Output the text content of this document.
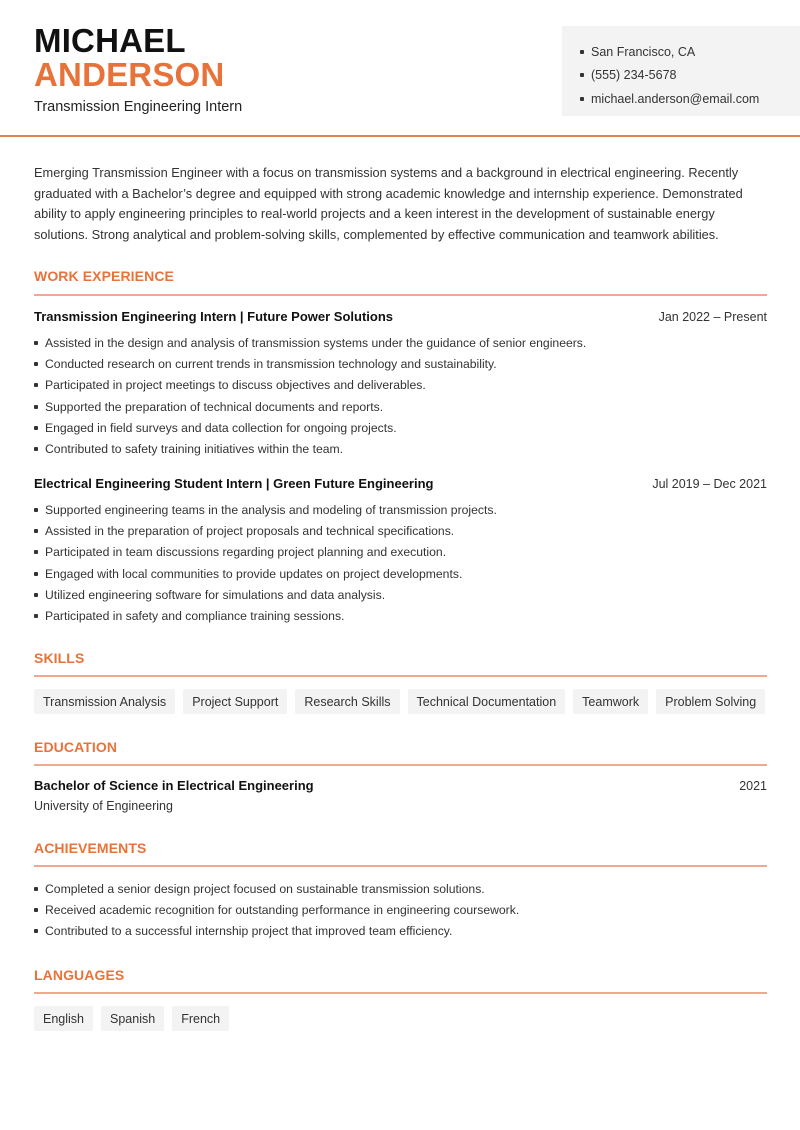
MICHAEL
ANDERSON
Transmission Engineering Intern
San Francisco, CA
(555) 234-5678
michael.anderson@email.com

Emerging Transmission Engineer with a focus on transmission systems and a background in electrical engineering. Recently graduated with a Bachelor’s degree and equipped with strong academic knowledge and internship experience. Demonstrated ability to apply engineering principles to real-world projects and a keen interest in the development of sustainable energy solutions. Strong analytical and problem-solving skills, complemented by effective communication and teamwork abilities.

WORK EXPERIENCE
Transmission Engineering Intern | Future Power Solutions	Jan 2022 – Present
Assisted in the design and analysis of transmission systems under the guidance of senior engineers.
Conducted research on current trends in transmission technology and sustainability.
Participated in project meetings to discuss objectives and deliverables.
Supported the preparation of technical documents and reports.
Engaged in field surveys and data collection for ongoing projects.
Contributed to safety training initiatives within the team.
Electrical Engineering Student Intern | Green Future Engineering	Jul 2019 – Dec 2021
Supported engineering teams in the analysis and modeling of transmission projects.
Assisted in the preparation of project proposals and technical specifications.
Participated in team discussions regarding project planning and execution.
Engaged with local communities to provide updates on project developments.
Utilized engineering software for simulations and data analysis.
Participated in safety and compliance training sessions.
SKILLS
Transmission Analysis	Project Support	Research Skills	Technical Documentation	Teamwork	Problem Solving
EDUCATION
Bachelor of Science in Electrical Engineering	2021
University of Engineering
ACHIEVEMENTS
Completed a senior design project focused on sustainable transmission solutions.
Received academic recognition for outstanding performance in engineering coursework.
Contributed to a successful internship project that improved team efficiency.
LANGUAGES
English	Spanish	French
